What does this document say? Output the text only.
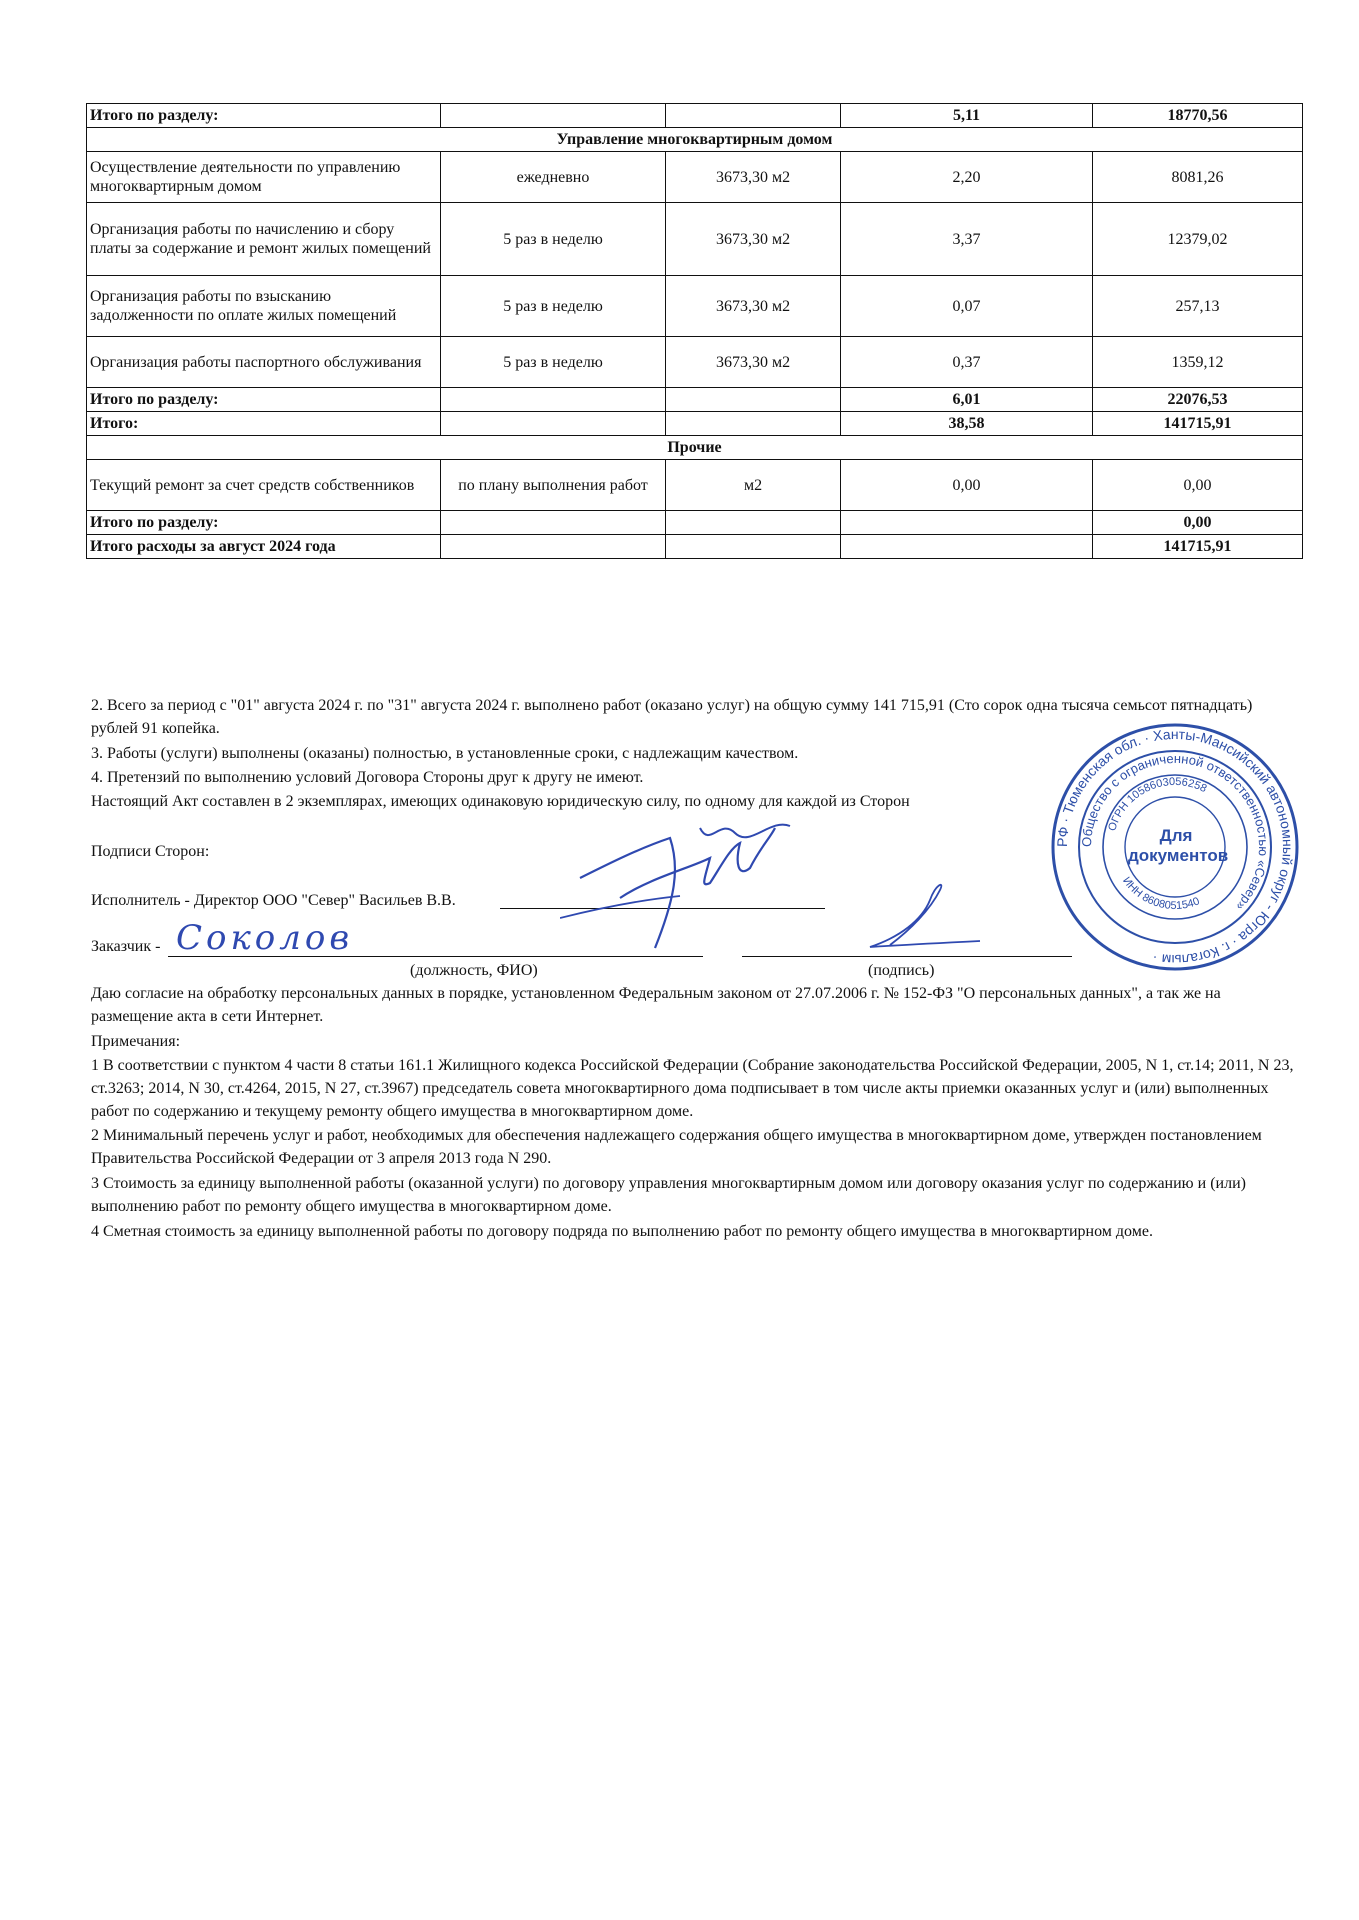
Итого по разделу:			5,11	18770,56
Управление многоквартирным домом				
Осуществление деятельности по управлению многоквартирным домом	ежедневно	3673,30 м2	2,20	8081,26
Организация работы по начислению и сбору платы за содержание и ремонт жилых помещений	5 раз в неделю	3673,30 м2	3,37	12379,02
Организация работы по взысканию задолженности по оплате жилых помещений	5 раз в неделю	3673,30 м2	0,07	257,13
Организация работы паспортного обслуживания	5 раз в неделю	3673,30 м2	0,37	1359,12
Итого по разделу:			6,01	22076,53
Итого:			38,58	141715,91
Прочие				
Текущий ремонт за счет средств собственников	по плану выполнения работ	м2	0,00	0,00
Итого по разделу:				0,00
Итого расходы за август 2024 года				141715,91
2. Всего за период с "01" августа 2024 г. по "31" августа 2024 г. выполнено работ (оказано услуг) на общую сумму 141 715,91 (Сто сорок одна тысяча семьсот пятнадцать) рублей 91 копейка.
3. Работы (услуги) выполнены (оказаны) полностью, в установленные сроки, с надлежащим качеством.
4. Претензий по выполнению условий Договора Стороны друг к другу не имеют.
Настоящий Акт составлен в 2 экземплярах, имеющих одинаковую юридическую силу, по одному для каждой из Сторон
Подписи Сторон:
Исполнитель - Директор ООО "Север" Васильев В.В.
Заказчик -
(должность, ФИО)	(подпись)
Даю согласие на обработку персональных данных в порядке, установленном Федеральным законом от 27.07.2006 г. № 152-ФЗ "О персональных данных", а так же на размещение акта в сети Интернет.
Примечания:
1 В соответствии с пунктом 4 части 8 статьи 161.1 Жилищного кодекса Российской Федерации (Собрание законодательства Российской Федерации, 2005, N 1, ст.14; 2011, N 23, ст.3263; 2014, N 30, ст.4264, 2015, N 27, ст.3967) председатель совета многоквартирного дома подписывает в том числе акты приемки оказанных услуг и (или) выполненных работ по содержанию и текущему ремонту общего имущества в многоквартирном доме.
2 Минимальный перечень услуг и работ, необходимых для обеспечения надлежащего содержания общего имущества в многоквартирном доме, утвержден постановлением Правительства Российской Федерации от 3 апреля 2013 года N 290.
3 Стоимость за единицу выполненной работы (оказанной услуги) по договору управления многоквартирным домом или договору оказания услуг по содержанию и (или) выполнению работ по ремонту общего имущества в многоквартирном доме.
4 Сметная стоимость за единицу выполненной работы по договору подряда по выполнению работ по ремонту общего имущества в многоквартирном доме.
Соколов
РФ · Тюменская обл. · Ханты-Мансийский автономный округ - Югра · г. Когалым ·
Общество с ограниченной ответственностью «Север»
ОГРН 1058603056258
ИНН 8608051540
Для
документов
